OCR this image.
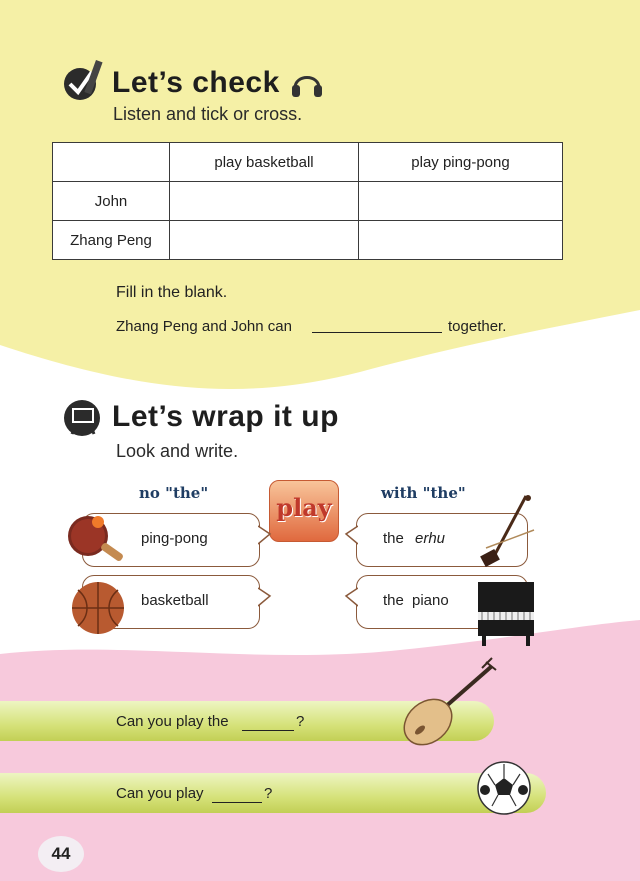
Let’s check
Listen and tick or cross.
	play basketball	play ping-pong
John		
Zhang Peng		
Fill in the blank.
Zhang Peng and John can	together.
Let’s wrap it up
Look and write.
no "the"	with "the"
play
ping-pong
basketball
the erhu
the piano
Can you play the	?
Can you play	?
44
